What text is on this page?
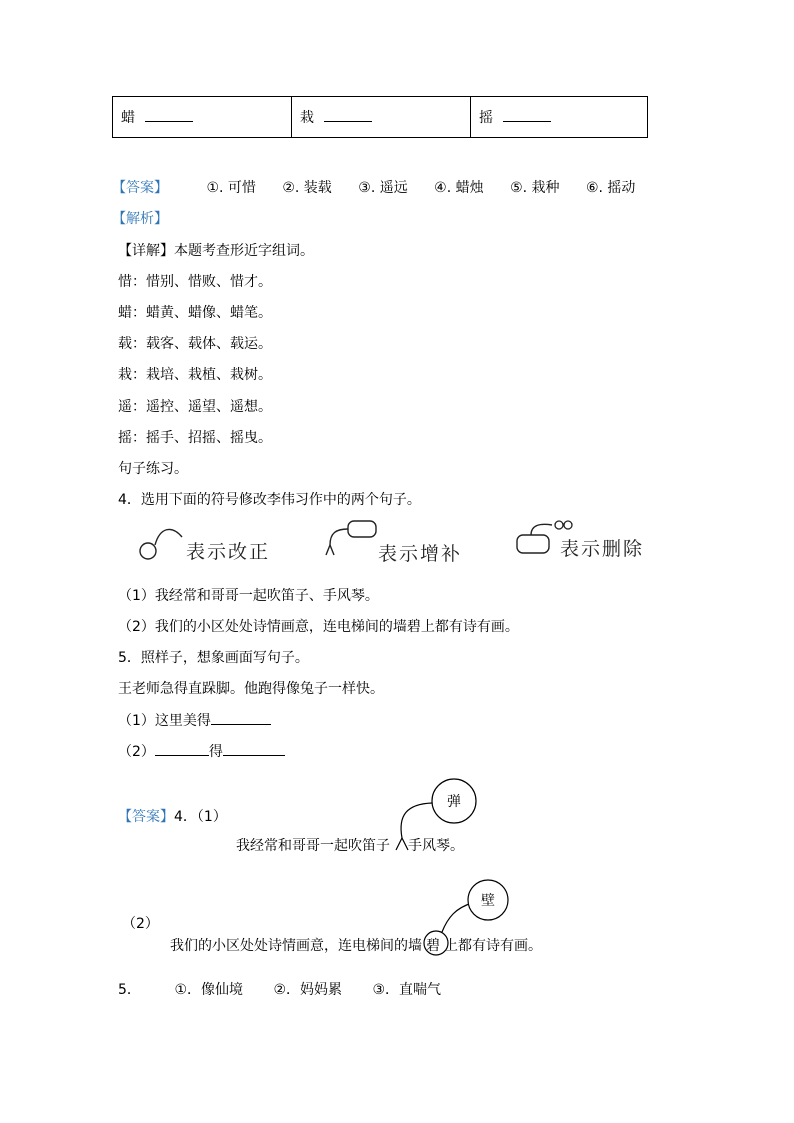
蜡	栽	摇
【答案】	①. 可惜 ②. 装载 ③. 遥远 ④. 蜡烛 ⑤. 栽种 ⑥. 摇动
【解析】
【详解】本题考查形近字组词。
惜：惜别、惜败、惜才。
蜡：蜡黄、蜡像、蜡笔。
载：载客、载体、载运。
栽：栽培、栽植、栽树。
遥：遥控、遥望、遥想。
摇：摇手、招摇、摇曳。
句子练习。
4．选用下面的符号修改李伟习作中的两个句子。
表示改正	表示增补	表示删除
（1）我经常和哥哥一起吹笛子、手风琴。
（2）我们的小区处处诗情画意，连电梯间的墙碧上都有诗有画。
5．照样子，想象画面写句子。
王老师急得直跺脚。他跑得像兔子一样快。
（1）这里美得
（2）	得
【答案】4．（1）
我经常和哥哥一起吹笛子 手风琴。
弹
（2）
我们的小区处处诗情画意，连电梯间的墙 碧 上都有诗有画。
壁
5． ①．像仙境 ②．妈妈累 ③．直喘气
